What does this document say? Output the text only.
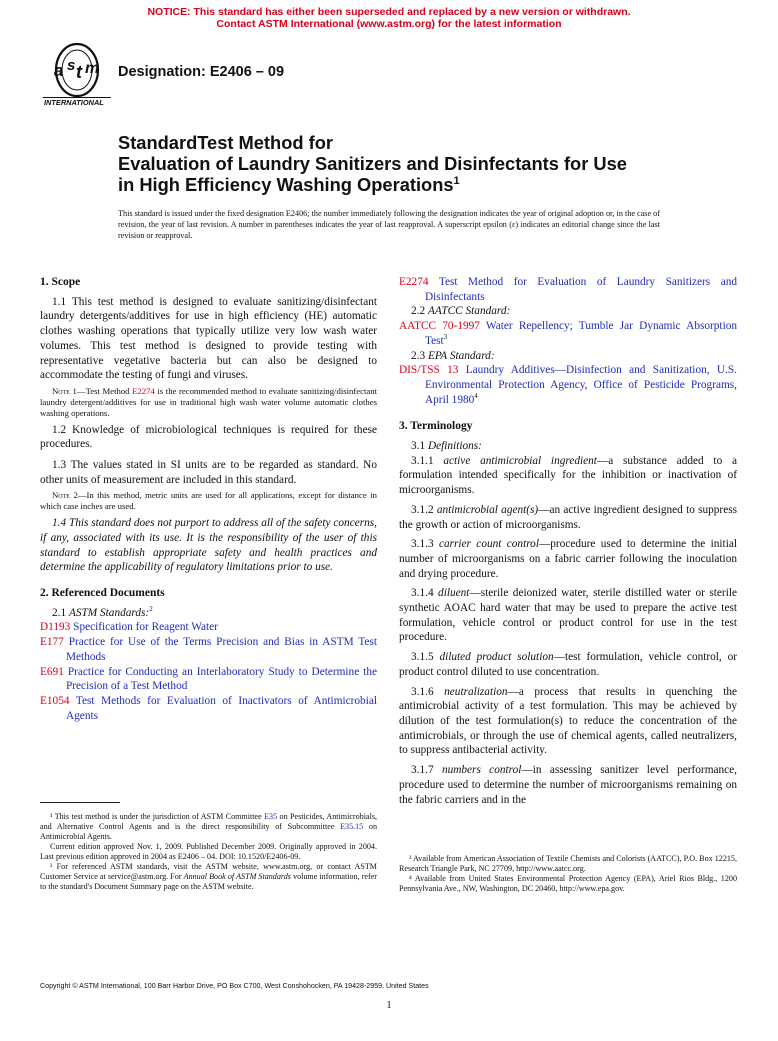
NOTICE: This standard has either been superseded and replaced by a new version or withdrawn.
Contact ASTM International (www.astm.org) for the latest information
a s t m
INTERNATIONAL
Designation: E2406 – 09
StandardTest Method for
Evaluation of Laundry Sanitizers and Disinfectants for Use
in High Efficiency Washing Operations$^1$
This standard is issued under the fixed designation E2406; the number immediately following the designation indicates the year of original adoption or, in the case of revision, the year of last revision. A number in parentheses indicates the year of last reapproval. A superscript epsilon (ε) indicates an editorial change since the last revision or reapproval.
1. Scope
1.1 This test method is designed to evaluate sanitizing/disinfectant laundry detergents/additives for use in high efficiency (HE) automatic clothes washing operations that typically utilize very low wash water volumes. This test method is designed to provide testing with representative vegetative bacteria but can also be designed to accommodate the testing of fungi and viruses.
Note 1—Test Method E2274 is the recommended method to evaluate sanitizing/disinfectant laundry detergent/additives for use in traditional high wash water volume automatic clothes washing operations.
1.2 Knowledge of microbiological techniques is required for these procedures.
1.3 The values stated in SI units are to be regarded as standard. No other units of measurement are included in this standard.
Note 2—In this method, metric units are used for all applications, except for distance in which case inches are used.
1.4 This standard does not purport to address all of the safety concerns, if any, associated with its use. It is the responsibility of the user of this standard to establish appropriate safety and health practices and determine the applicability of regulatory limitations prior to use.
2. Referenced Documents
2.1 ASTM Standards:$^2$
D1193 Specification for Reagent Water
E177 Practice for Use of the Terms Precision and Bias in ASTM Test Methods
E691 Practice for Conducting an Interlaboratory Study to Determine the Precision of a Test Method
E1054 Test Methods for Evaluation of Inactivators of Antimicrobial Agents
¹ This test method is under the jurisdiction of ASTM Committee E35 on Pesticides, Antimicrobials, and Alternative Control Agents and is the direct responsibility of Subcommittee E35.15 on Antimicrobial Agents.
Current edition approved Nov. 1, 2009. Published December 2009. Originally approved in 2004. Last previous edition approved in 2004 as E2406 – 04. DOI: 10.1520/E2406-09.
² For referenced ASTM standards, visit the ASTM website, www.astm.org, or contact ASTM Customer Service at service@astm.org. For Annual Book of ASTM Standards volume information, refer to the standard's Document Summary page on the ASTM website.
E2274 Test Method for Evaluation of Laundry Sanitizers and Disinfectants
2.2 AATCC Standard:
AATCC 70-1997 Water Repellency; Tumble Jar Dynamic Absorption Test$^3$
2.3 EPA Standard:
DIS/TSS 13 Laundry Additives—Disinfection and Sanitization, U.S. Environmental Protection Agency, Office of Pesticide Programs, April 1980$^4$
3. Terminology
3.1 Definitions:
3.1.1 active antimicrobial ingredient—a substance added to a formulation intended specifically for the inhibition or inactivation of microorganisms.
3.1.2 antimicrobial agent(s)—an active ingredient designed to suppress the growth or action of microorganisms.
3.1.3 carrier count control—procedure used to determine the initial number of microorganisms on a fabric carrier following the inoculation and drying procedure.
3.1.4 diluent—sterile deionized water, sterile distilled water or sterile synthetic AOAC hard water that may be used to prepare the active test formulation, vehicle control or product control for use in the test procedure.
3.1.5 diluted product solution—test formulation, vehicle control, or product control diluted to use concentration.
3.1.6 neutralization—a process that results in quenching the antimicrobial activity of a test formulation. This may be achieved by dilution of the test formulation(s) to reduce the concentration of the antimicrobials, or through the use of chemical agents, called neutralizers, to suppress antibacterial activity.
3.1.7 numbers control—in assessing sanitizer level performance, procedure used to determine the number of microorganisms remaining on the fabric carriers and in the
³ Available from American Association of Textile Chemists and Colorists (AATCC), P.O. Box 12215, Research Triangle Park, NC 27709, http://www.aatcc.org.
⁴ Available from United States Environmental Protection Agency (EPA), Ariel Rios Bldg., 1200 Pennsylvania Ave., NW, Washington, DC 20460, http://www.epa.gov.
Copyright © ASTM International, 100 Barr Harbor Drive, PO Box C700, West Conshohocken, PA 19428-2959. United States
1
